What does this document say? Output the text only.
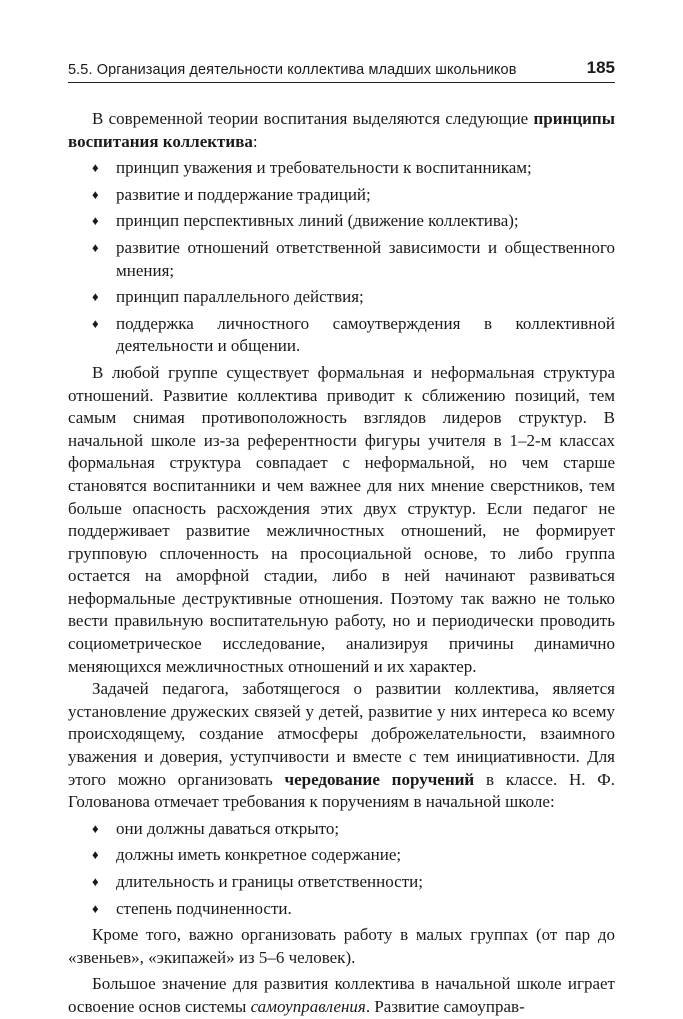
5.5. Организация деятельности коллектива младших школьников	185

В современной теории воспитания выделяются следующие принципы воспитания коллектива:

♦ принцип уважения и требовательности к воспитанникам;
♦ развитие и поддержание традиций;
♦ принцип перспективных линий (движение коллектива);
♦ развитие отношений ответственной зависимости и общественного мнения;
♦ принцип параллельного действия;
♦ поддержка личностного самоутверждения в коллективной деятельности и общении.

В любой группе существует формальная и неформальная структура отношений. Развитие коллектива приводит к сближению позиций, тем самым снимая противоположность взглядов лидеров структур. В начальной школе из-за референтности фигуры учителя в 1–2-м классах формальная структура совпадает с неформальной, но чем старше становятся воспитанники и чем важнее для них мнение сверстников, тем больше опасность расхождения этих двух структур. Если педагог не поддерживает развитие межличностных отношений, не формирует групповую сплоченность на просоциальной основе, то либо группа остается на аморфной стадии, либо в ней начинают развиваться неформальные деструктивные отношения. Поэтому так важно не только вести правильную воспитательную работу, но и периодически проводить социометрическое исследование, анализируя причины динамично меняющихся межличностных отношений и их характер.

Задачей педагога, заботящегося о развитии коллектива, является установление дружеских связей у детей, развитие у них интереса ко всему происходящему, создание атмосферы доброжелательности, взаимного уважения и доверия, уступчивости и вместе с тем инициативности. Для этого можно организовать чередование поручений в классе. Н. Ф. Голованова отмечает требования к поручениям в начальной школе:

♦ они должны даваться открыто;
♦ должны иметь конкретное содержание;
♦ длительность и границы ответственности;
♦ степень подчиненности.

Кроме того, важно организовать работу в малых группах (от пар до «звеньев», «экипажей» из 5–6 человек).

Большое значение для развития коллектива в начальной школе играет освоение основ системы самоуправления. Развитие самоуправ-
